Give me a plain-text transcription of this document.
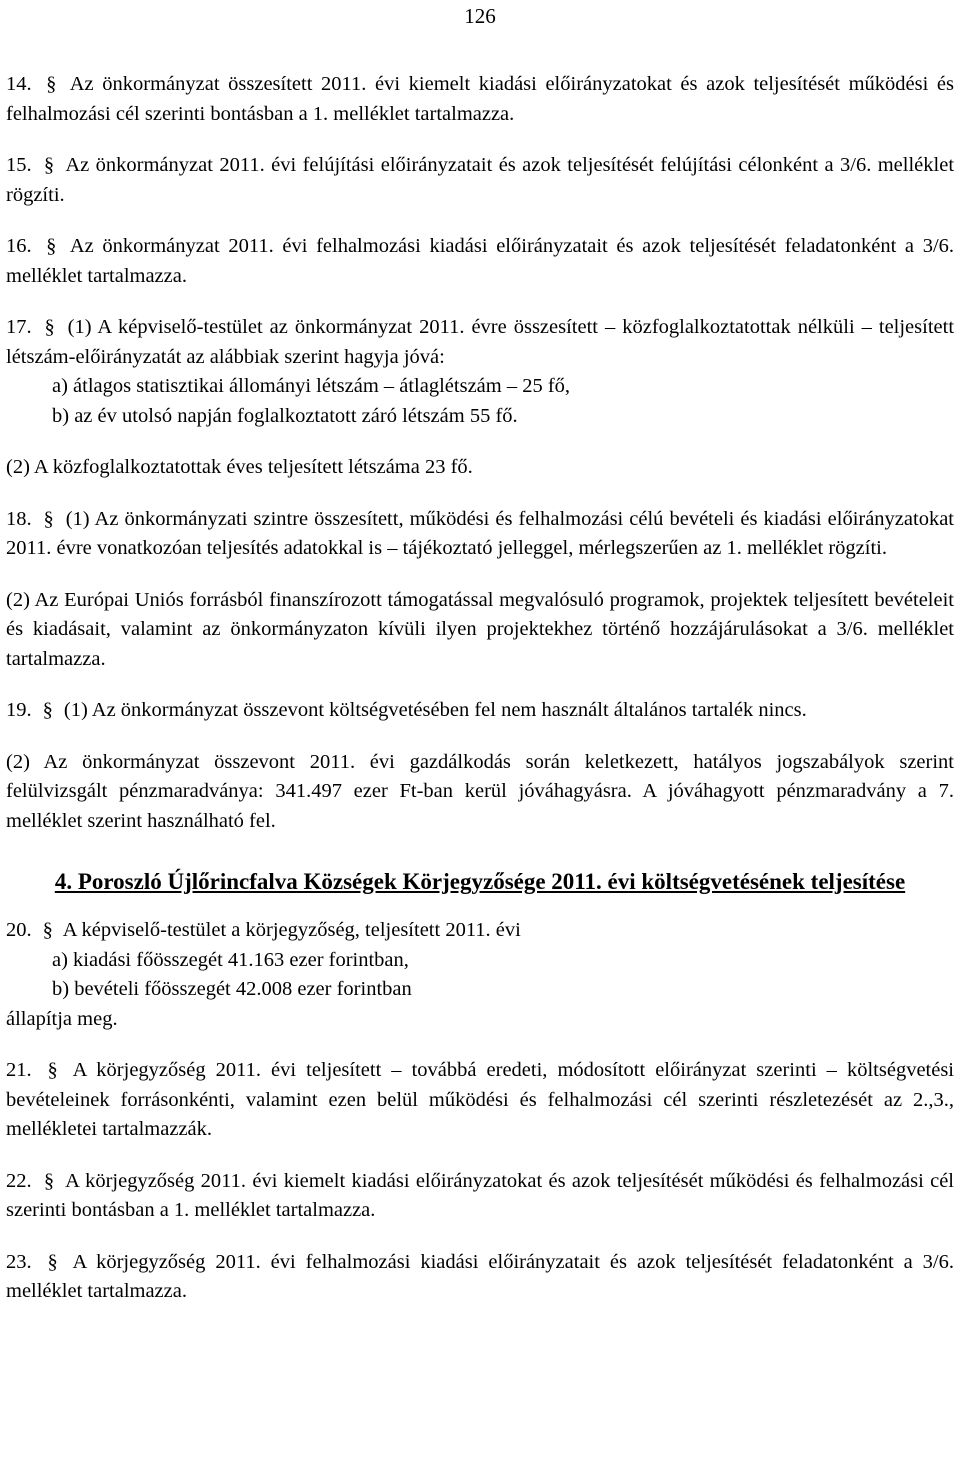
126

14. § Az önkormányzat összesített 2011. évi kiemelt kiadási előirányzatokat és azok teljesítését működési és felhalmozási cél szerinti bontásban a 1. melléklet tartalmazza.

15. § Az önkormányzat 2011. évi felújítási előirányzatait és azok teljesítését felújítási célonként a 3/6. melléklet rögzíti.

16. § Az önkormányzat 2011. évi felhalmozási kiadási előirányzatait és azok teljesítését feladatonként a 3/6. melléklet tartalmazza.

17. § (1) A képviselő-testület az önkormányzat 2011. évre összesített – közfoglalkoztatottak nélküli – teljesített létszám-előirányzatát az alábbiak szerint hagyja jóvá:

a) átlagos statisztikai állományi létszám – átlaglétszám – 25 fő,

b) az év utolsó napján foglalkoztatott záró létszám 55 fő.

(2) A közfoglalkoztatottak éves teljesített létszáma 23 fő.

18. § (1) Az önkormányzati szintre összesített, működési és felhalmozási célú bevételi és kiadási előirányzatokat 2011. évre vonatkozóan teljesítés adatokkal is – tájékoztató jelleggel, mérlegszerűen az 1. melléklet rögzíti.

(2) Az Európai Uniós forrásból finanszírozott támogatással megvalósuló programok, projektek teljesített bevételeit és kiadásait, valamint az önkormányzaton kívüli ilyen projektekhez történő hozzájárulásokat a 3/6. melléklet tartalmazza.

19. § (1) Az önkormányzat összevont költségvetésében fel nem használt általános tartalék nincs.

(2) Az önkormányzat összevont 2011. évi gazdálkodás során keletkezett, hatályos jogszabályok szerint felülvizsgált pénzmaradványa: 341.497 ezer Ft-ban kerül jóváhagyásra. A jóváhagyott pénzmaradvány a 7. melléklet szerint használható fel.

4. Poroszló Újlőrincfalva Községek Körjegyzősége 2011. évi költségvetésének teljesítése

20. § A képviselő-testület a körjegyzőség, teljesített 2011. évi

a) kiadási főösszegét 41.163 ezer forintban,

b) bevételi főösszegét 42.008 ezer forintban

állapítja meg.

21. § A körjegyzőség 2011. évi teljesített – továbbá eredeti, módosított előirányzat szerinti – költségvetési bevételeinek forrásonkénti, valamint ezen belül működési és felhalmozási cél szerinti részletezését az 2.,3., mellékletei tartalmazzák.

22. § A körjegyzőség 2011. évi kiemelt kiadási előirányzatokat és azok teljesítését működési és felhalmozási cél szerinti bontásban a 1. melléklet tartalmazza.

23. § A körjegyzőség 2011. évi felhalmozási kiadási előirányzatait és azok teljesítését feladatonként a 3/6. melléklet tartalmazza.
